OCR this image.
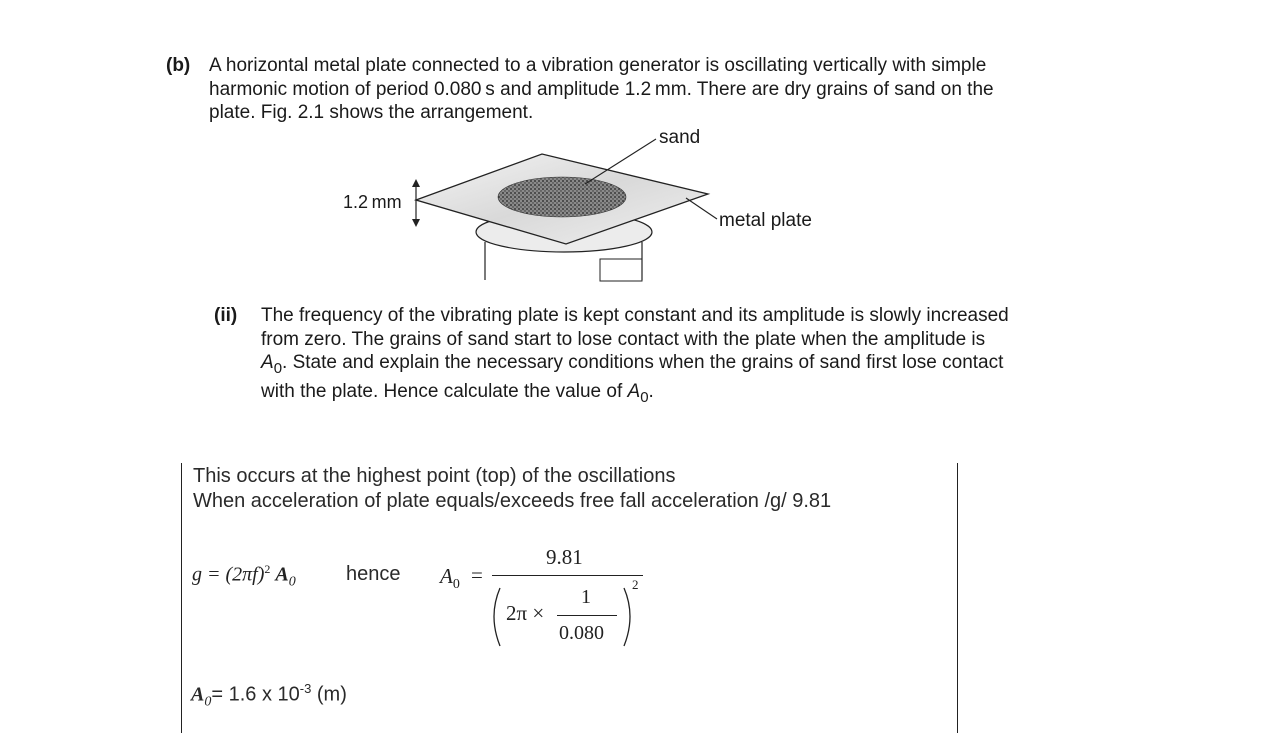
(b) A horizontal metal plate connected to a vibration generator is oscillating vertically with simple
harmonic motion of period 0.080 s and amplitude 1.2 mm. There are dry grains of sand on the
plate. Fig. 2.1 shows the arrangement.
sand
metal plate
1.2 mm
(ii) The frequency of the vibrating plate is kept constant and its amplitude is slowly increased
from zero. The grains of sand start to lose contact with the plate when the amplitude is
$A_0$. State and explain the necessary conditions when the grains of sand first lose contact
with the plate. Hence calculate the value of $A_0$.
This occurs at the highest point (top) of the oscillations
When acceleration of plate equals/exceeds free fall acceleration /g/ 9.81
$g = (2\pi f)^2$ $A_0$	hence $A_0$ =
9.81
2π ×
1
0.080
2
$A_0= 1.6$ x $10^{-3}$ (m)
